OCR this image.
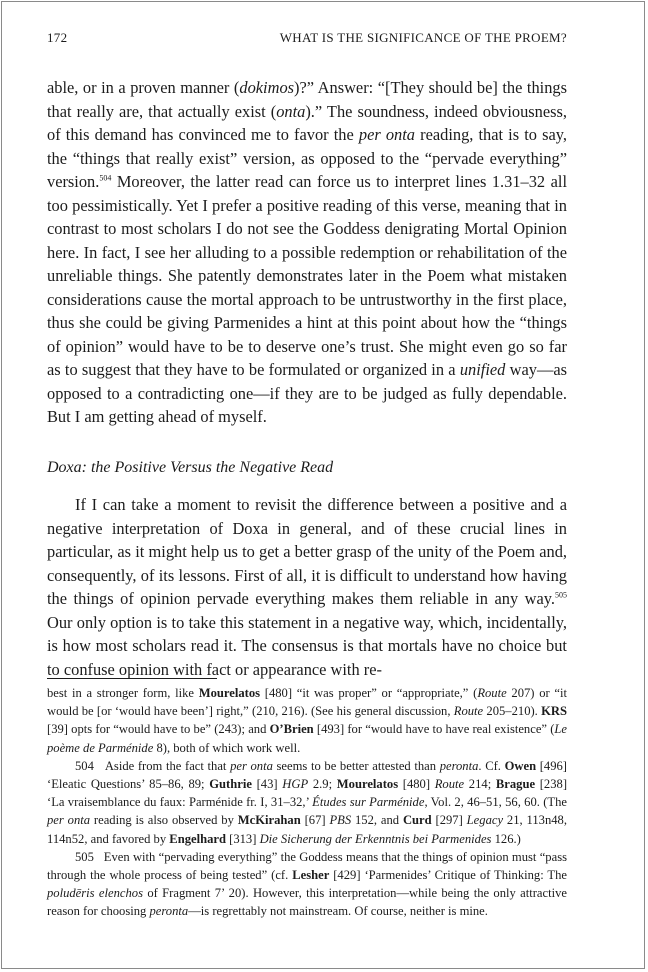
172	WHAT IS THE SIGNIFICANCE OF THE PROEM?

able, or in a proven manner (dokimos)?” Answer: “[They should be] the things that really are, that actually exist (onta).” The soundness, indeed obviousness, of this demand has convinced me to favor the per onta reading, that is to say, the “things that really exist” version, as opposed to the “pervade everything” version.$^{504}$ Moreover, the latter read can force us to interpret lines 1.31–32 all too pessimistically. Yet I prefer a positive reading of this verse, meaning that in contrast to most scholars I do not see the Goddess denigrating Mortal Opinion here. In fact, I see her alluding to a possible redemption or rehabilitation of the unreliable things. She patently demonstrates later in the Poem what mistaken considerations cause the mortal approach to be untrustworthy in the first place, thus she could be giving Parmenides a hint at this point about how the “things of opinion” would have to be to deserve one’s trust. She might even go so far as to suggest that they have to be formulated or organized in a unified way—as opposed to a contradicting one—if they are to be judged as fully dependable. But I am getting ahead of myself.

Doxa: the Positive Versus the Negative Read

If I can take a moment to revisit the difference between a positive and a negative interpretation of Doxa in general, and of these crucial lines in particular, as it might help us to get a better grasp of the unity of the Poem and, consequently, of its lessons. First of all, it is difficult to understand how having the things of opinion pervade everything makes them reliable in any way.$^{505}$ Our only option is to take this statement in a negative way, which, incidentally, is how most scholars read it. The consensus is that mortals have no choice but to confuse opinion with fact or appearance with re-

best in a stronger form, like Mourelatos [480] “it was proper” or “appropriate,” (Route 207) or “it would be [or ‘would have been’] right,” (210, 216). (See his general discussion, Route 205–210). KRS [39] opts for “would have to be” (243); and O’Brien [493] for “would have to have real existence” (Le poème de Parménide 8), both of which work well.

504 Aside from the fact that per onta seems to be better attested than peronta. Cf. Owen [496] ‘Eleatic Questions’ 85–86, 89; Guthrie [43] HGP 2.9; Mourelatos [480] Route 214; Brague [238] ‘La vraisemblance du faux: Parménide fr. I, 31–32,’ Études sur Parménide, Vol. 2, 46–51, 56, 60. (The per onta reading is also observed by McKirahan [67] PBS 152, and Curd [297] Legacy 21, 113n48, 114n52, and favored by Engelhard [313] Die Sicherung der Erkenntnis bei Parmenides 126.)

505 Even with “pervading everything” the Goddess means that the things of opinion must “pass through the whole process of being tested” (cf. Lesher [429] ‘Parmenides’ Critique of Thinking: The poludēris elenchos of Fragment 7’ 20). However, this interpretation—while being the only attractive reason for choosing peronta—is regrettably not mainstream. Of course, neither is mine.
